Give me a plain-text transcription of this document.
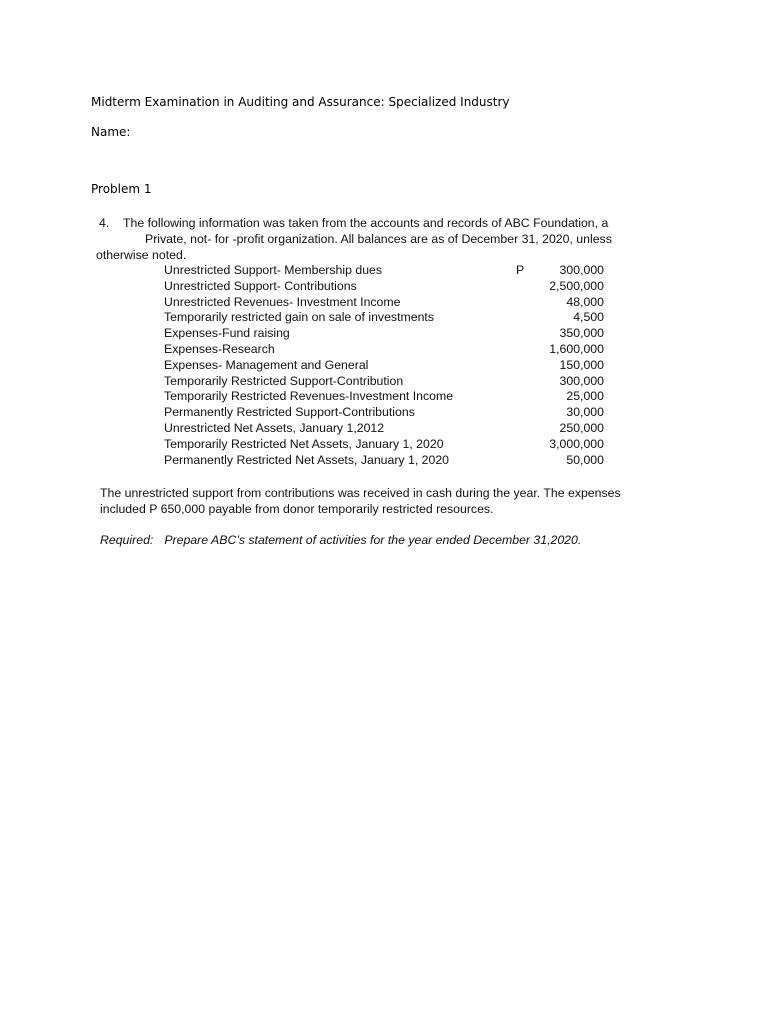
Midterm Examination in Auditing and Assurance: Specialized Industry
Name:
Problem 1
4. The following information was taken from the accounts and records of ABC Foundation, a
Private, not- for -profit organization. All balances are as of December 31, 2020, unless
otherwise noted.
Unrestricted Support- Membership dues	P	300,000
Unrestricted Support- Contributions	2,500,000
Unrestricted Revenues- Investment Income	48,000
Temporarily restricted gain on sale of investments	4,500
Expenses-Fund raising	350,000
Expenses-Research	1,600,000
Expenses- Management and General	150,000
Temporarily Restricted Support-Contribution	300,000
Temporarily Restricted Revenues-Investment Income	25,000
Permanently Restricted Support-Contributions	30,000
Unrestricted Net Assets, January 1,2012	250,000
Temporarily Restricted Net Assets, January 1, 2020	3,000,000
Permanently Restricted Net Assets, January 1, 2020	50,000
The unrestricted support from contributions was received in cash during the year. The expenses
included P 650,000 payable from donor temporarily restricted resources.
Required: Prepare ABC’s statement of activities for the year ended December 31,2020.
